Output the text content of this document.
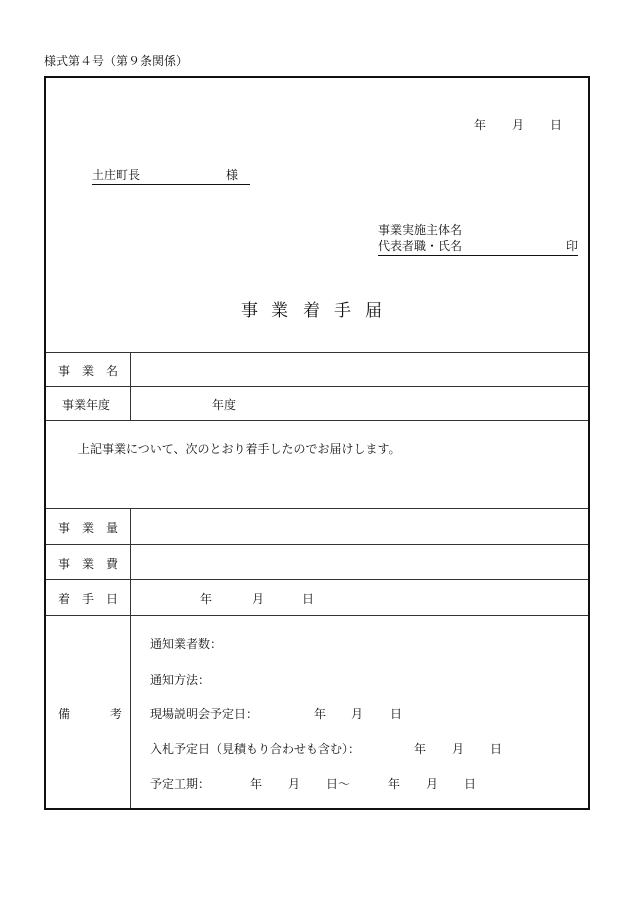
様式第４号（第９条関係）
年 月 日
土庄町長	様
事業実施主体名
代表者職・氏名	印
事 業 着 手 届
事 業 名
事業年度	年度
上記事業について、次のとおり着手したのでお届けします。
事 業 量
事 業 費
着 手 日	年	月	日
備	考
通知業者数：
通知方法：
現場説明会予定日：	年 月 日
入札予定日（見積もり合わせも含む）：	年 月 日
予定工期：	年 月 日～	年 月 日
